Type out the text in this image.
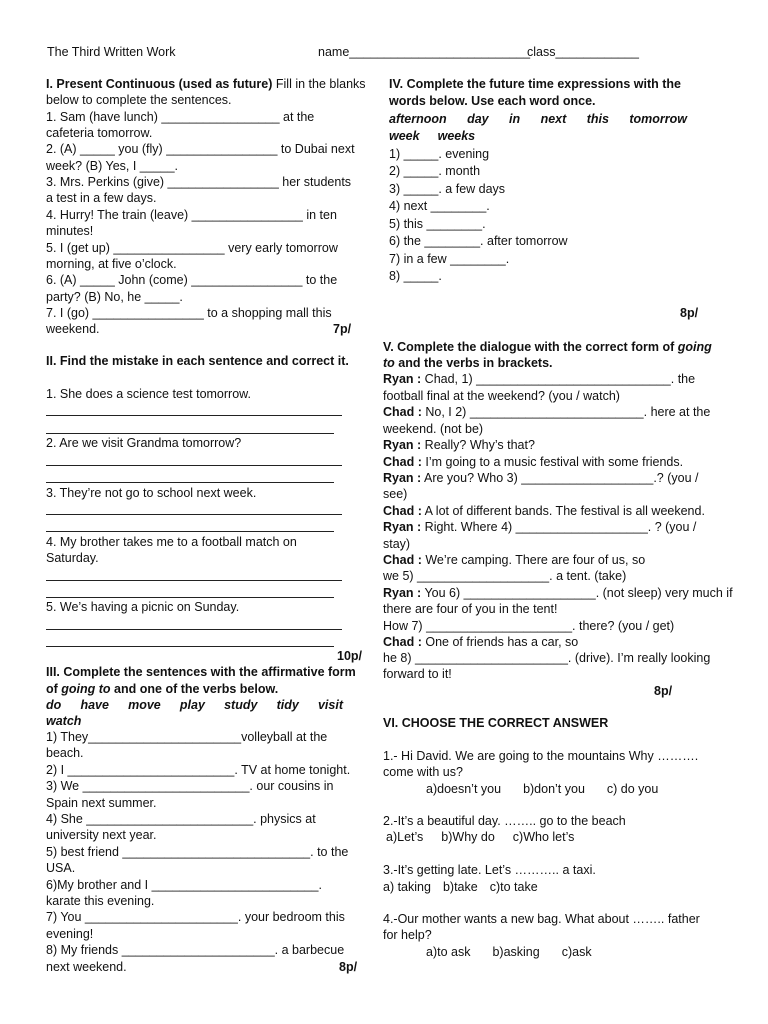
The Third Written Work	name__________________________
class____________
I. Present Continuous (used as future) Fill in the blanks
below to complete the sentences.
1. Sam (have lunch) _________________ at the
cafeteria tomorrow.
2. (A) _____ you (fly) ________________ to Dubai next
week? (B) Yes, I _____.
3. Mrs. Perkins (give) ________________ her students
a test in a few days.
4. Hurry! The train (leave) ________________ in ten
minutes!
5. I (get up) ________________ very early tomorrow
morning, at five o’clock.
6. (A) _____ John (come) ________________ to the
party? (B) No, he _____.
7. I (go) ________________ to a shopping mall this
weekend.	7p/
II. Find the mistake in each sentence and correct it.
1. She does a science test tomorrow.
2. Are we visit Grandma tomorrow?
3. They’re not go to school next week.
4. My brother takes me to a football match on
Saturday.
5. We’s having a picnic on Sunday.
10p/
III. Complete the sentences with the affirmative form
of going to and one of the verbs below.
do have move play study tidy visit
watch
1) They______________________volleyball at the
beach.
2) I ________________________. TV at home tonight.
3) We ________________________. our cousins in
Spain next summer.
4) She ________________________. physics at
university next year.
5) best friend ___________________________. to the
USA.
6)My brother and I ________________________.
karate this evening.
7) You ______________________. your bedroom this
evening!
8) My friends ______________________. a barbecue
next weekend.	8p/
IV. Complete the future time expressions with the
words below. Use each word once.
afternoon day in next this tomorrow
week weeks
1) _____. evening
2) _____. month
3) _____. a few days
4) next ________.
5) this ________.
6) the ________. after tomorrow
7) in a few ________.
8) _____.
8p/
V. Complete the dialogue with the correct form of going
to and the verbs in brackets.
Ryan : Chad, 1) ____________________________. the
football final at the weekend? (you / watch)
Chad : No, I 2) _________________________. here at the
weekend. (not be)
Ryan : Really? Why’s that?
Chad : I’m going to a music festival with some friends.
Ryan : Are you? Who 3) ___________________.? (you /
see)
Chad : A lot of different bands. The festival is all weekend.
Ryan : Right. Where 4) ___________________. ? (you /
stay)
Chad : We’re camping. There are four of us, so
we 5) ___________________. a tent. (take)
Ryan : You 6) ___________________. (not sleep) very much if
there are four of you in the tent!
How 7) _____________________. there? (you / get)
Chad : One of friends has a car, so
he 8) ______________________. (drive). I’m really looking
forward to it!
8p/
VI. CHOOSE THE CORRECT ANSWER
1.- Hi David. We are going to the mountains Why ……….
come with us?
a)doesn’t you b)don’t you c) do you
2.-It’s a beautiful day. …….. go to the beach
a)Let’s b)Why do c)Who let’s
3.-It’s getting late. Let’s ……….. a taxi.
a) taking b)take c)to take
4.-Our mother wants a new bag. What about …….. father
for help?
a)to ask b)asking c)ask
